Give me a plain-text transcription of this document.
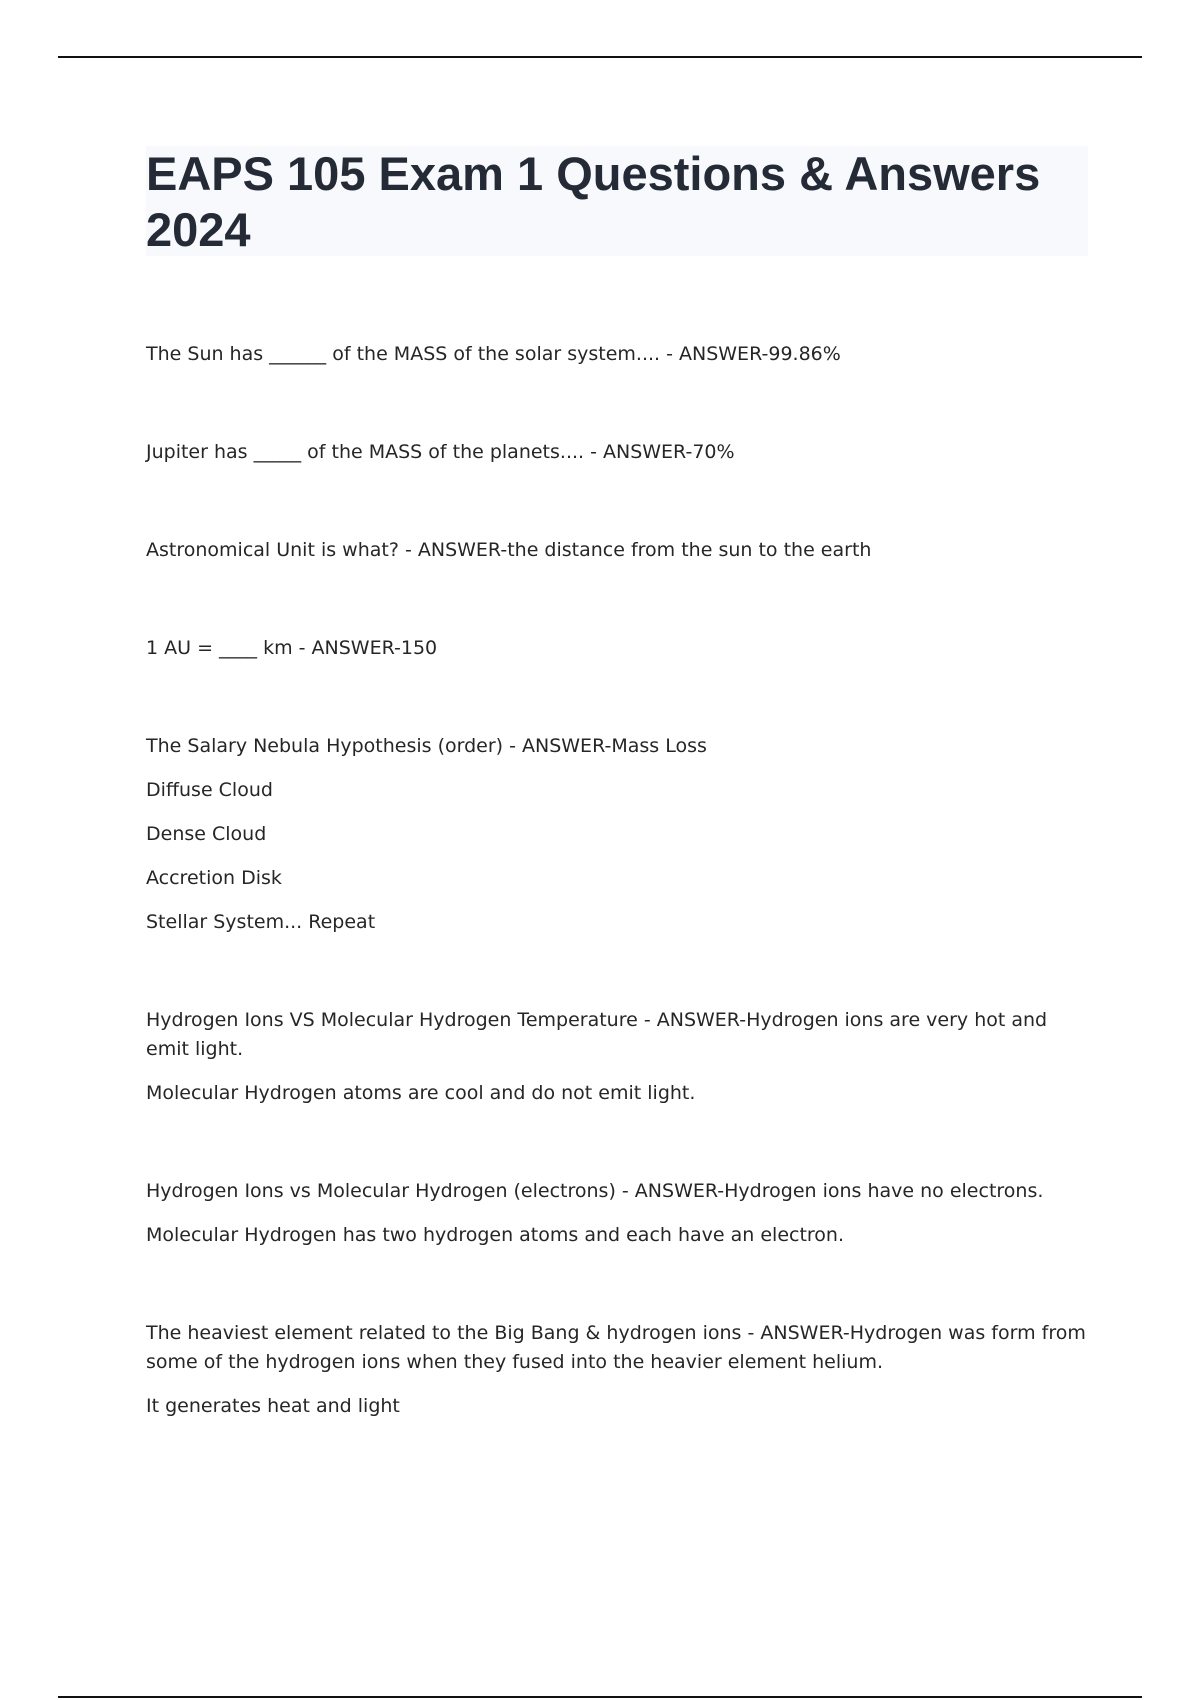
EAPS 105 Exam 1 Questions & Answers 2024

The Sun has ______ of the MASS of the solar system.... - ANSWER-99.86%

Jupiter has _____ of the MASS of the planets.... - ANSWER-70%

Astronomical Unit is what? - ANSWER-the distance from the sun to the earth

1 AU = ____ km - ANSWER-150

The Salary Nebula Hypothesis (order) - ANSWER-Mass Loss

Diffuse Cloud

Dense Cloud

Accretion Disk

Stellar System... Repeat

Hydrogen Ions VS Molecular Hydrogen Temperature - ANSWER-Hydrogen ions are very hot and emit light.

Molecular Hydrogen atoms are cool and do not emit light.

Hydrogen Ions vs Molecular Hydrogen (electrons) - ANSWER-Hydrogen ions have no electrons.

Molecular Hydrogen has two hydrogen atoms and each have an electron.

The heaviest element related to the Big Bang & hydrogen ions - ANSWER-Hydrogen was form from some of the hydrogen ions when they fused into the heavier element helium.

It generates heat and light
